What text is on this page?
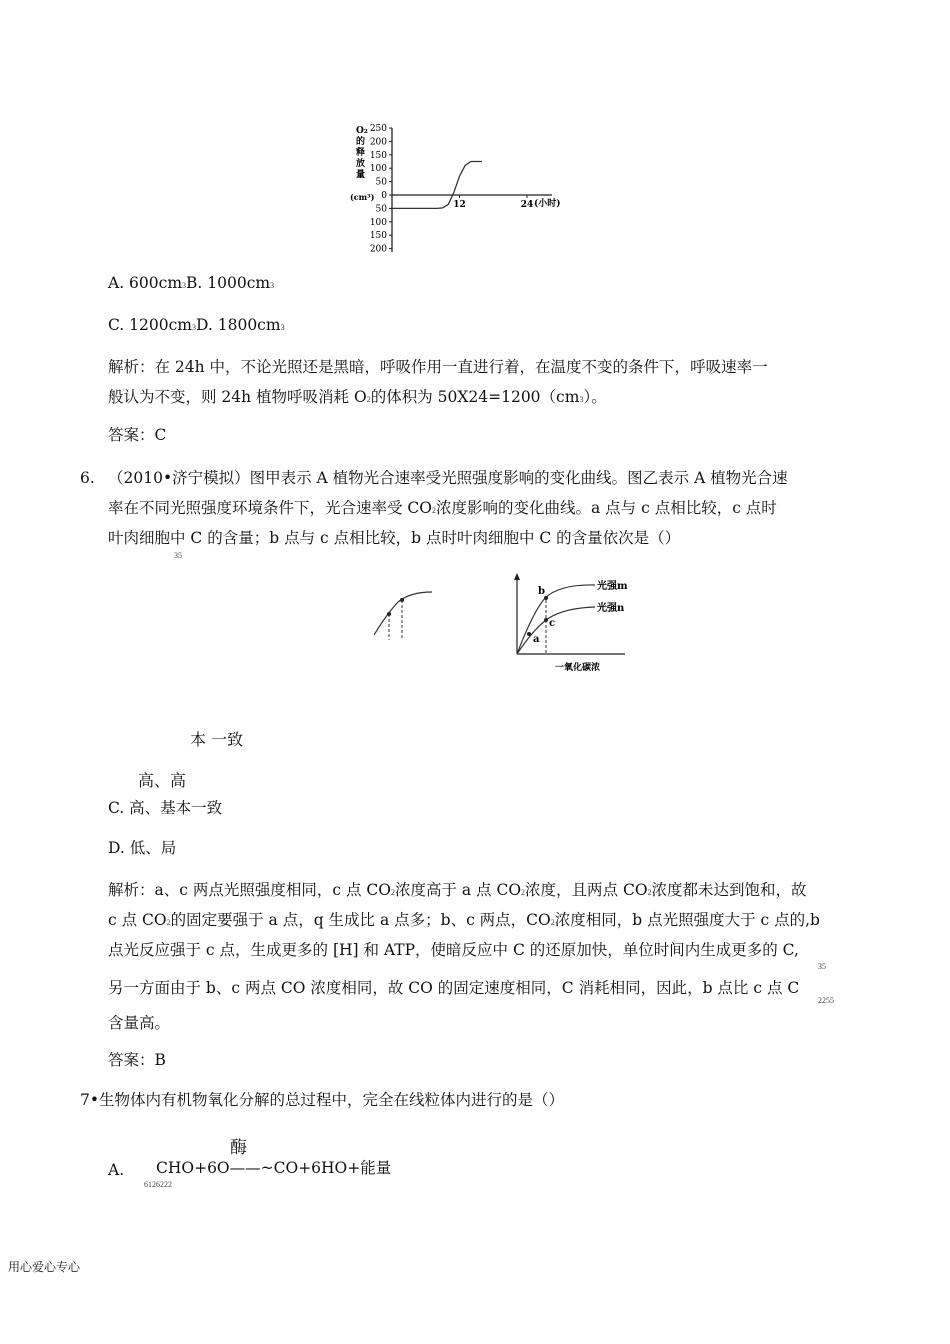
O₂
的
释
放
量
(cm³)
250
200
150
100
50
0
50
100
150
200
12	24 (小时)
A. 600cm3B. 1000cm3
C. 1200cm3D. 1800cm3
解析：在 24h 中，不论光照还是黑暗，呼吸作用一直进行着，在温度不变的条件下，呼吸速率一
般认为不变，则 24h 植物呼吸消耗 O2的体积为 50X24=1200（cm3）。
答案：C
6. （2010•济宁模拟）图甲表示 A 植物光合速率受光照强度影响的变化曲线。图乙表示 A 植物光合速
率在不同光照强度环境条件下，光合速率受 CO2浓度影响的变化曲线。a 点与 c 点相比较，c 点时
叶肉细胞中 C 的含量；b 点与 c 点相比较，b 点时叶肉细胞中 C 的含量依次是（）
35
a
b
c
光强m
光强n
一氧化碳浓
本 一致
高、高
C. 高、基本一致
D. 低、局
解析：a、c 两点光照强度相同，c 点 CO2浓度高于 a 点 CO2浓度，且两点 CO2浓度都未达到饱和，故
c 点 CO2的固定要强于 a 点，q 生成比 a 点多；b、c 两点，CO2浓度相同，b 点光照强度大于 c 点的,b
点光反应强于 c 点，生成更多的 [H] 和 ATP，使暗反应中 C 的还原加快，单位时间内生成更多的 C,
35
另一方面由于 b、c 两点 CO 浓度相同，故 CO 的固定速度相同，C 消耗相同，因此，b 点比 c 点 C
2255
含量高。
答案：B
7•生物体内有机物氧化分解的总过程中，完全在线粒体内进行的是（）
酶
A. CHO+6O——~CO+6HO+能量
6126222
用心爱心专心
